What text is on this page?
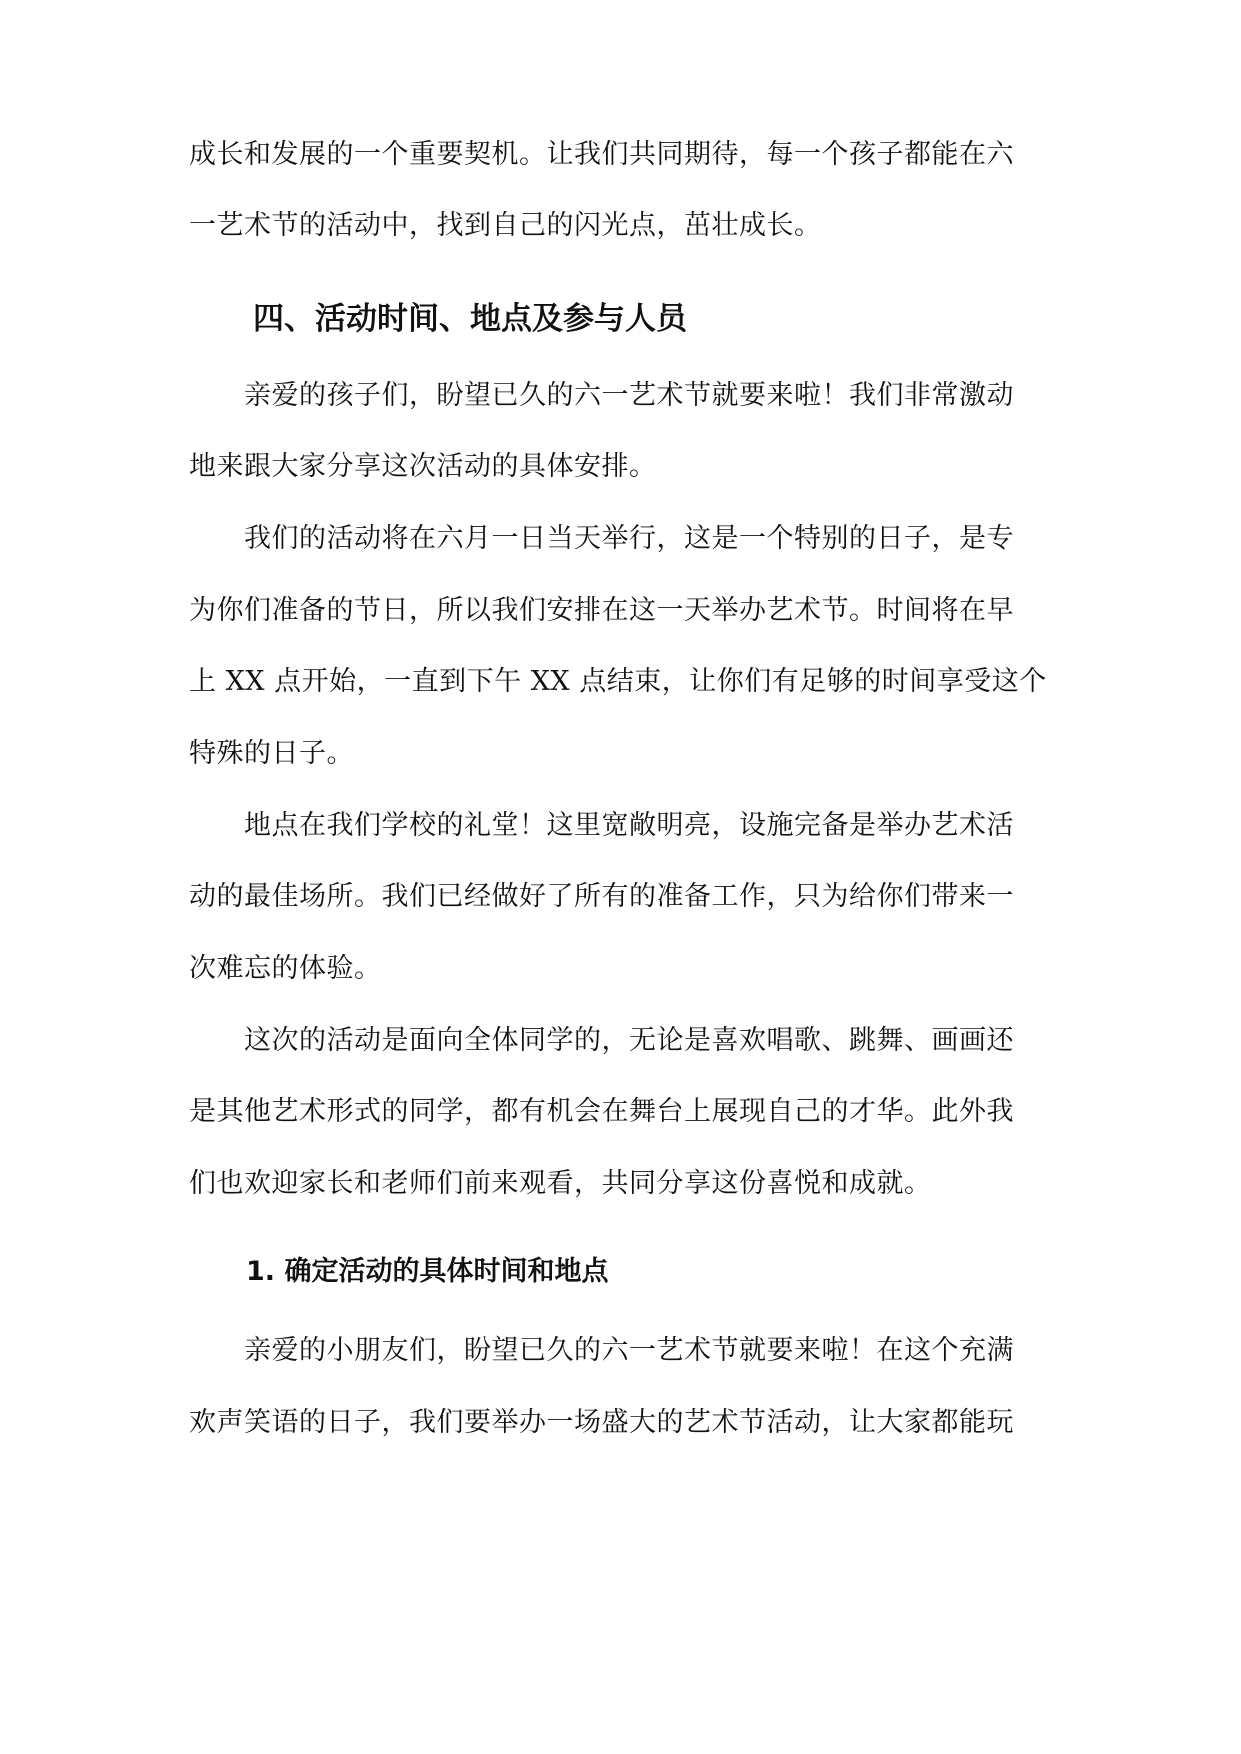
成长和发展的一个重要契机。让我们共同期待，每一个孩子都能在六
一艺术节的活动中，找到自己的闪光点，茁壮成长。
四、活动时间、地点及参与人员
　　亲爱的孩子们，盼望已久的六一艺术节就要来啦！我们非常激动
地来跟大家分享这次活动的具体安排。
　　我们的活动将在六月一日当天举行，这是一个特别的日子，是专
为你们准备的节日，所以我们安排在这一天举办艺术节。时间将在早
上 XX 点开始，一直到下午 XX 点结束，让你们有足够的时间享受这个
特殊的日子。
　　地点在我们学校的礼堂！这里宽敞明亮，设施完备是举办艺术活
动的最佳场所。我们已经做好了所有的准备工作，只为给你们带来一
次难忘的体验。
　　这次的活动是面向全体同学的，无论是喜欢唱歌、跳舞、画画还
是其他艺术形式的同学，都有机会在舞台上展现自己的才华。此外我
们也欢迎家长和老师们前来观看，共同分享这份喜悦和成就。
1. 确定活动的具体时间和地点
　　亲爱的小朋友们，盼望已久的六一艺术节就要来啦！在这个充满
欢声笑语的日子，我们要举办一场盛大的艺术节活动，让大家都能玩
